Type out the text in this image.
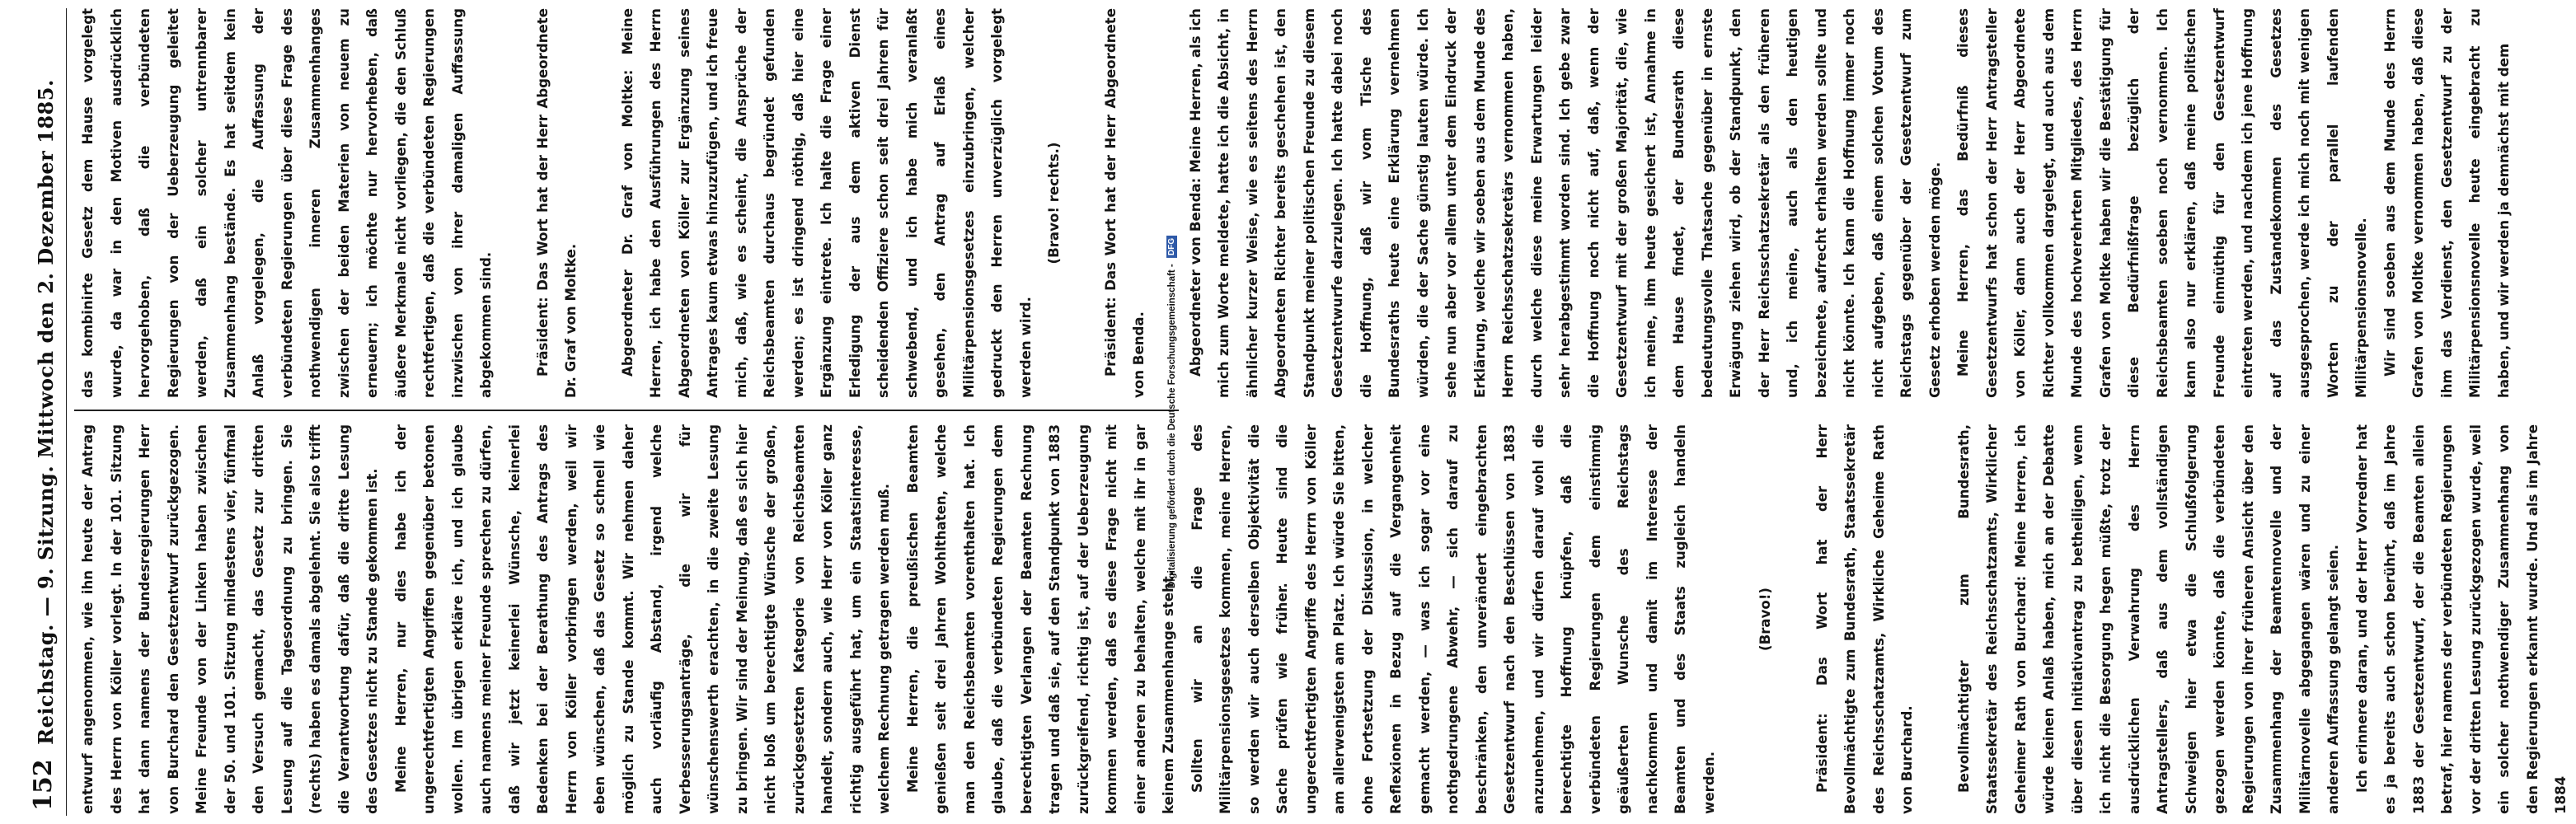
152
Reichstag. — 9. Sitzung. Mittwoch den 2. Dezember 1885.	entwurf angenommen, wie ihn heute der Antrag des Herrn von Köller vorlegt. In der 101. Sitzung hat dann namens der Bundesregierungen Herr von Burchard den Gesetzentwurf zurückgezogen. Meine Freunde von der Linken haben zwischen der 50. und 101. Sitzung mindestens vier, fünfmal den Versuch gemacht, das Gesetz zur dritten Lesung auf die Tagesordnung zu bringen. Sie (rechts) haben es damals abgelehnt. Sie also trifft die Verantwortung dafür, daß die dritte Lesung des Gesetzes nicht zu Stande gekommen ist. Meine Herren, nur dies habe ich der ungerechtfertigten Angriffen gegenüber betonen wollen. Im übrigen erkläre ich, und ich glaube auch namens meiner Freunde sprechen zu dürfen, daß wir jetzt keinerlei Wünsche, keinerlei Bedenken bei der Berathung des Antrags des Herrn von Köller vorbringen werden, weil wir eben wünschen, daß das Gesetz so schnell wie möglich zu Stande kommt. Wir nehmen daher auch vorläufig Abstand, irgend welche Verbesserungsanträge, die wir für wünschenswerth erachten, in die zweite Lesung zu bringen. Wir sind der Meinung, daß es sich hier nicht bloß um berechtigte Wünsche der großen, zurückgesetzten Kategorie von Reichsbeamten handelt, sondern auch, wie Herr von Köller ganz richtig ausgeführt hat, um ein Staatsinteresse, welchem Rechnung getragen werden muß. Meine Herren, die preußischen Beamten genießen seit drei Jahren Wohlthaten, welche man den Reichsbeamten vorenthalten hat. Ich glaube, daß die verbündeten Regierungen dem berechtigten Verlangen der Beamten Rechnung tragen und daß sie, auf den Standpunkt von 1883 zurückgreifend, richtig ist, auf der Ueberzeugung kommen werden, daß es diese Frage nicht mit einer anderen zu behalten, welche mit ihr in gar keinem Zusammenhange steht. Sollten wir an die Frage des Militärpensionsgesetzes kommen, meine Herren, so werden wir auch derselben Objektivität die Sache prüfen wie früher. Heute sind die ungerechtfertigten Angriffe des Herrn von Köller am allerwenigsten am Platz. Ich würde Sie bitten, ohne Fortsetzung der Diskussion, in welcher Reflexionen in Bezug auf die Vergangenheit gemacht werden, — was ich sogar vor eine nothgedrungene Abwehr, — sich darauf zu beschränken, den unverändert eingebrachten Gesetzentwurf nach den Beschlüssen von 1883 anzunehmen, und wir dürfen darauf wohl die berechtigte Hoffnung knüpfen, daß die verbündeten Regierungen dem einstimmig geäußerten Wunsche des Reichstags nachkommen und damit im Interesse der Beamten und des Staats zugleich handeln werden.

(Bravo!)

Präsident: Das Wort hat der Herr Bevollmächtigte zum Bundesrath, Staatssekretär des Reichsschatzamts, Wirkliche Geheime Rath von Burchard.	Bevollmächtigter zum Bundesrath, Staatssekretär des Reichsschatzamts, Wirklicher Geheimer Rath von Burchard: Meine Herren, ich würde keinen Anlaß haben, mich an der Debatte über diesen Initiativantrag zu betheiligen, wenn ich nicht die Besorgung hegen müßte, trotz der ausdrücklichen Verwahrung des Herrn Antragstellers, daß aus dem vollständigen Schweigen hier etwa die Schlußfolgerung gezogen werden könnte, daß die verbündeten Regierungen von ihrer früheren Ansicht über den Zusammenhang der Beamtennovelle und der Militärnovelle abgegangen wären und zu einer anderen Auffassung gelangt seien. Ich erinnere daran, und der Herr Vorredner hat es ja bereits auch schon berührt, daß im Jahre 1883 der Gesetzentwurf, der die Beamten allein betraf, hier namens der verbündeten Regierungen vor der dritten Lesung zurückgezogen wurde, weil ein solcher nothwendiger Zusammenhang von den Regierungen erkannt wurde. Und als im Jahre 1884

das kombinirte Gesetz dem Hause vorgelegt wurde, da war in den Motiven ausdrücklich hervorgehoben, daß die verbündeten Regierungen von der Ueberzeugung geleitet werden, daß ein solcher untrennbarer Zusammenhang bestände. Es hat seitdem kein Anlaß vorgelegen, die Auffassung der verbündeten Regierungen über diese Frage des nothwendigen inneren Zusammenhanges zwischen der beiden Materien von neuem zu erneuern; ich möchte nur hervorheben, daß äußere Merkmale nicht vorliegen, die den Schluß rechtfertigen, daß die verbündeten Regierungen inzwischen von ihrer damaligen Auffassung abgekommen sind.	Präsident: Das Wort hat der Herr Abgeordnete Dr. Graf von Moltke.	Abgeordneter Dr. Graf von Moltke: Meine Herren, ich habe den Ausführungen des Herrn Abgeordneten von Köller zur Ergänzung seines Antrages kaum etwas hinzuzufügen, und ich freue mich, daß, wie es scheint, die Ansprüche der Reichsbeamten durchaus begründet gefunden werden; es ist dringend nöthig, daß hier eine Ergänzung eintrete. Ich halte die Frage einer Erledigung der aus dem aktiven Dienst scheidenden Offiziere schon seit drei Jahren für schwebend, und ich habe mich veranlaßt gesehen, den Antrag auf Erlaß eines Militärpensionsgesetzes einzubringen, welcher gedruckt den Herren unverzüglich vorgelegt werden wird.

(Bravo! rechts.)

Präsident: Das Wort hat der Herr Abgeordnete von Benda.	Abgeordneter von Benda: Meine Herren, als ich mich zum Worte meldete, hatte ich die Absicht, in ähnlicher kurzer Weise, wie es seitens des Herrn Abgeordneten Richter bereits geschehen ist, den Standpunkt meiner politischen Freunde zu diesem Gesetzentwurfe darzulegen. Ich hatte dabei noch die Hoffnung, daß wir vom Tische des Bundesraths heute eine Erklärung vernehmen würden, die der Sache günstig lauten würde. Ich sehe nun aber vor allem unter dem Eindruck der Erklärung, welche wir soeben aus dem Munde des Herrn Reichsschatzsekretärs vernommen haben, durch welche diese meine Erwartungen leider sehr herabgestimmt worden sind. Ich gebe zwar die Hoffnung noch nicht auf, daß, wenn der Gesetzentwurf mit der großen Majorität, die, wie ich meine, ihm heute gesichert ist, Annahme in dem Hause findet, der Bundesrath diese bedeutungsvolle Thatsache gegenüber in ernste Erwägung ziehen wird, ob der Standpunkt, den der Herr Reichsschatzsekretär als den früheren und, ich meine, auch als den heutigen bezeichnete, aufrecht erhalten werden sollte und nicht könnte. Ich kann die Hoffnung immer noch nicht aufgeben, daß einem solchen Votum des Reichstags gegenüber der Gesetzentwurf zum Gesetz erhoben werden möge. Meine Herren, das Bedürfniß dieses Gesetzentwurfs hat schon der Herr Antragsteller von Köller, dann auch der Herr Abgeordnete Richter vollkommen dargelegt, und auch aus dem Munde des hochverehrten Mitgliedes, des Herrn Grafen von Moltke haben wir die Bestätigung für diese Bedürfnißfrage bezüglich der Reichsbeamten soeben noch vernommen. Ich kann also nur erklären, daß meine politischen Freunde einmüthig für den Gesetzentwurf eintreten werden, und nachdem ich jene Hoffnung auf das Zustandekommen des Gesetzes ausgesprochen, werde ich mich noch mit wenigen Worten zu der parallel laufenden Militärpensionsnovelle. Wir sind soeben aus dem Munde des Herrn Grafen von Moltke vernommen haben, daß diese ihm das Verdienst, den Gesetzentwurf zu der Militärpensionsnovelle heute eingebracht zu haben, und wir werden ja demnächst mit dem

Digitalisierung gefördert durch die Deutsche Forschungsgemeinschaft - DFG
